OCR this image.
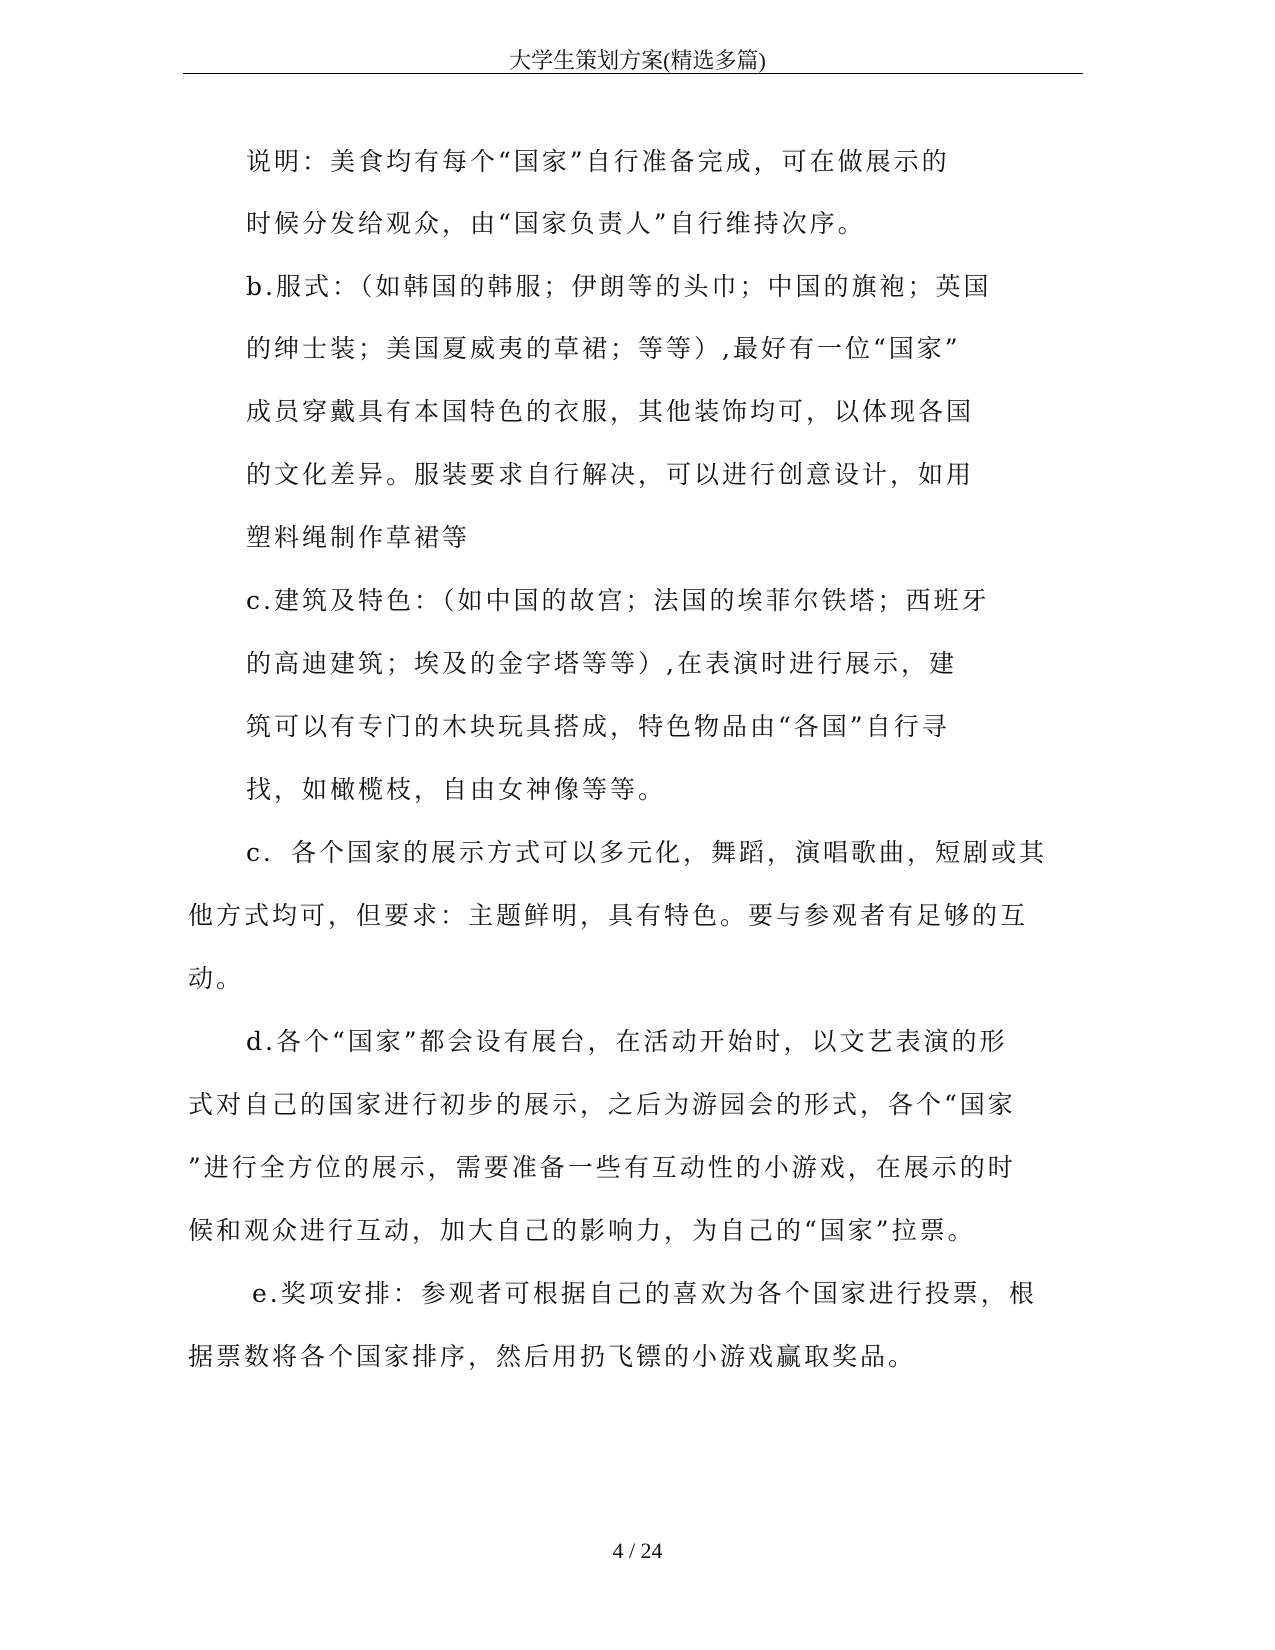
大学生策划方案(精选多篇)
说明：美食均有每个“国家”自行准备完成，可在做展示的
时候分发给观众，由“国家负责人”自行维持次序。
b.服式：（如韩国的韩服；伊朗等的头巾；中国的旗袍；英国
的绅士装；美国夏威夷的草裙；等等）,最好有一位“国家”
成员穿戴具有本国特色的衣服，其他装饰均可，以体现各国
的文化差异。服装要求自行解决，可以进行创意设计，如用
塑料绳制作草裙等
c.建筑及特色：（如中国的故宫；法国的埃菲尔铁塔；西班牙
的高迪建筑；埃及的金字塔等等）,在表演时进行展示，建
筑可以有专门的木块玩具搭成，特色物品由“各国”自行寻
找，如橄榄枝，自由女神像等等。
c．各个国家的展示方式可以多元化，舞蹈，演唱歌曲，短剧或其
他方式均可，但要求：主题鲜明，具有特色。要与参观者有足够的互
动。
d.各个“国家”都会设有展台，在活动开始时，以文艺表演的形
式对自己的国家进行初步的展示，之后为游园会的形式，各个“国家
”进行全方位的展示，需要准备一些有互动性的小游戏，在展示的时
候和观众进行互动，加大自己的影响力，为自己的“国家”拉票。
e.奖项安排：参观者可根据自己的喜欢为各个国家进行投票，根
据票数将各个国家排序，然后用扔飞镖的小游戏赢取奖品。
4 / 24
